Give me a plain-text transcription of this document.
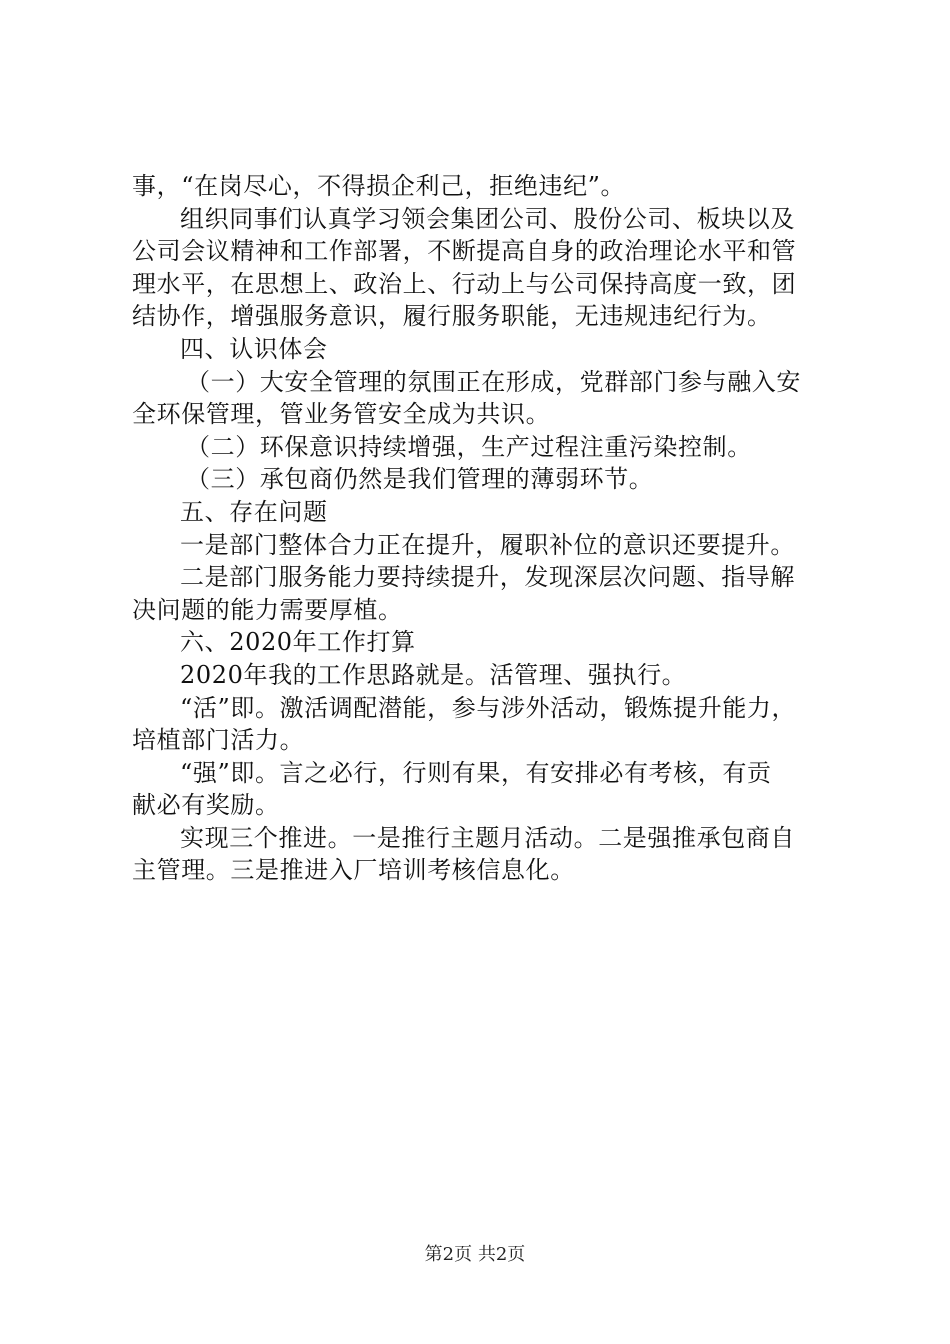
事，“在岗尽心，不得损企利己，拒绝违纪”。
组织同事们认真学习领会集团公司、股份公司、板块以及
公司会议精神和工作部署，不断提高自身的政治理论水平和管
理水平，在思想上、政治上、行动上与公司保持高度一致，团
结协作，增强服务意识，履行服务职能，无违规违纪行为。
四、认识体会
（一）大安全管理的氛围正在形成，党群部门参与融入安
全环保管理，管业务管安全成为共识。
（二）环保意识持续增强，生产过程注重污染控制。
（三）承包商仍然是我们管理的薄弱环节。
五、存在问题
一是部门整体合力正在提升，履职补位的意识还要提升。
二是部门服务能力要持续提升，发现深层次问题、指导解
决问题的能力需要厚植。
六、2020年工作打算
2020年我的工作思路就是。活管理、强执行。
“活”即。激活调配潜能，参与涉外活动，锻炼提升能力，
培植部门活力。
“强”即。言之必行，行则有果，有安排必有考核，有贡
献必有奖励。
实现三个推进。一是推行主题月活动。二是强推承包商自
主管理。三是推进入厂培训考核信息化。
第2页 共2页
